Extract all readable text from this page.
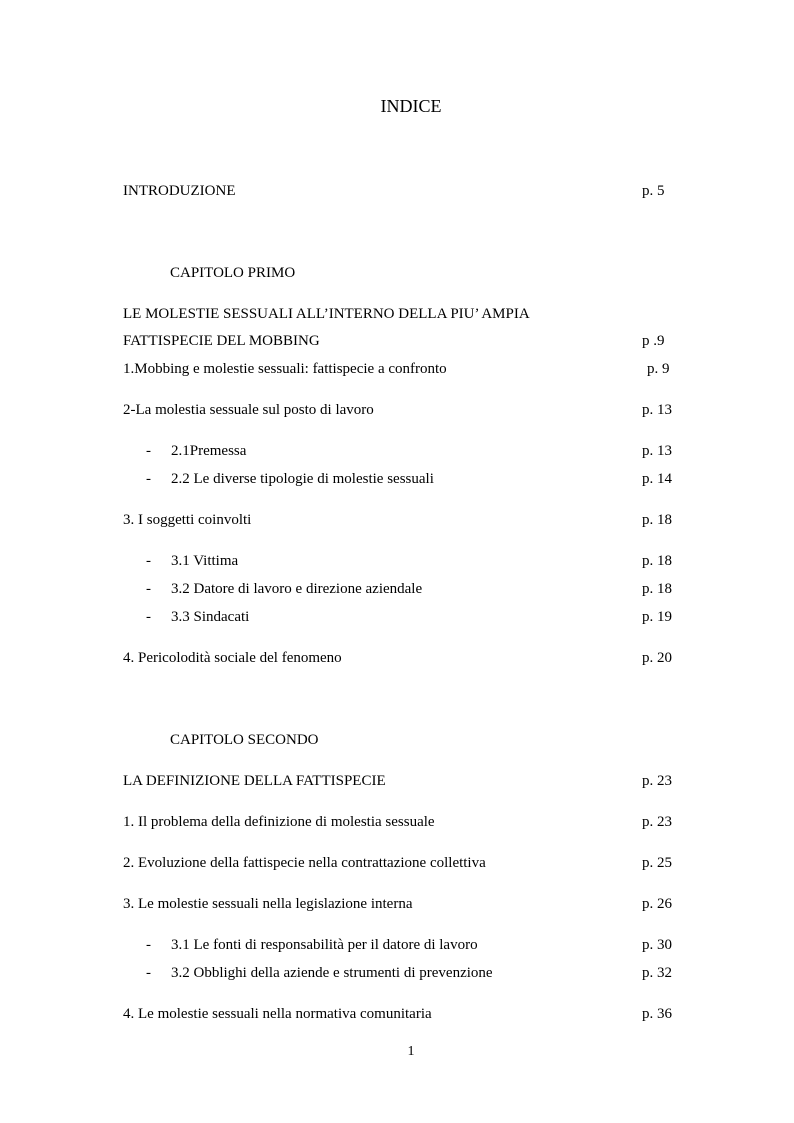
INDICE
INTRODUZIONE	p. 5
CAPITOLO PRIMO
LE MOLESTIE SESSUALI ALL’INTERNO DELLA PIU’ AMPIA
FATTISPECIE DEL MOBBING	p .9
1.Mobbing e molestie sessuali: fattispecie a confronto	p. 9
2-La molestia sessuale sul posto di lavoro	p. 13
- 2.1Premessa	p. 13
- 2.2 Le diverse tipologie di molestie sessuali	p. 14
3. I soggetti coinvolti	p. 18
- 3.1 Vittima	p. 18
- 3.2 Datore di lavoro e direzione aziendale	p. 18
- 3.3 Sindacati	p. 19
4. Pericolodità sociale del fenomeno	p. 20
CAPITOLO SECONDO
LA DEFINIZIONE DELLA FATTISPECIE	p. 23
1. Il problema della definizione di molestia sessuale	p. 23
2. Evoluzione della fattispecie nella contrattazione collettiva	p. 25
3. Le molestie sessuali nella legislazione interna	p. 26
- 3.1 Le fonti di responsabilità per il datore di lavoro	p. 30
- 3.2 Obblighi della aziende e strumenti di prevenzione	p. 32
4. Le molestie sessuali nella normativa comunitaria	p. 36
1
